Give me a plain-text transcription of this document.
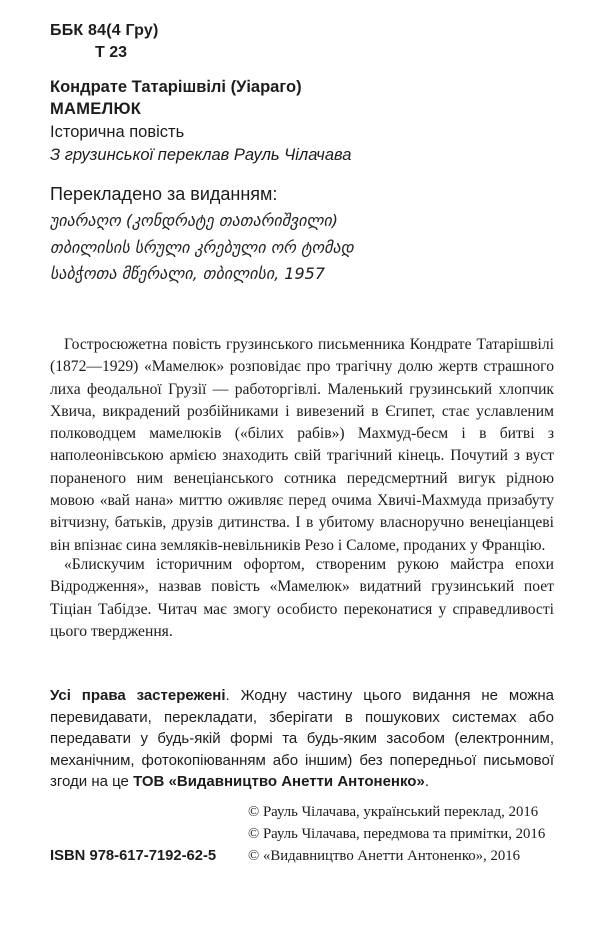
ББК 84(4 Гру)
Т 23
Кондрате Татарішвілі (Уіараго)
МАМЕЛЮК
Історична повість
З грузинської переклав Рауль Чілачава
Перекладено за виданням:
უიარაღო (კონდრატე თათარიშვილი)
თბილისის სრული კრებული ორ ტომად
საბჭოთა მწერალი, თბილისი, 1957

Гостросюжетна повість грузинського письменника Кондрате Татарішвілі (1872—1929) «Мамелюк» розповідає про трагічну долю жертв страшного лиха феодальної Грузії — работоргівлі. Маленький грузинський хлопчик Хвича, викрадений розбійниками і вивезений в Єгипет, стає уславленим полководцем мамелюків («білих рабів») Махмуд-бесм і в битві з наполеонівською армією знаходить свій трагічний кінець. Почутий з вуст пораненого ним венеціанського сотника передсмертний вигук рідною мовою «вай нана» миттю оживляє перед очима Хвичі-Махмуда призабуту вітчизну, батьків, друзів дитинства. І в убитому власноручно венеціанцеві він впізнає сина земляків-невільників Резо і Саломе, проданих у Францію.

«Блискучим історичним офортом, створеним рукою майстра епохи Відродження», назвав повість «Мамелюк» видатний грузинський поет Тіціан Табідзе. Читач має змогу особисто переконатися у справедливості цього твердження.

Усі права застережені. Жодну частину цього видання не можна перевидавати, перекладати, зберігати в пошукових системах або передавати у будь-якій формі та будь-яким засобом (електронним, механічним, фотокопіюванням або іншим) без попередньої письмової згоди на це ТОВ «Видавництво Анетти Антоненко».
© Рауль Чілачава, український переклад, 2016
© Рауль Чілачава, передмова та примітки, 2016
© «Видавництво Анетти Антоненко», 2016
ISBN 978-617-7192-62-5
